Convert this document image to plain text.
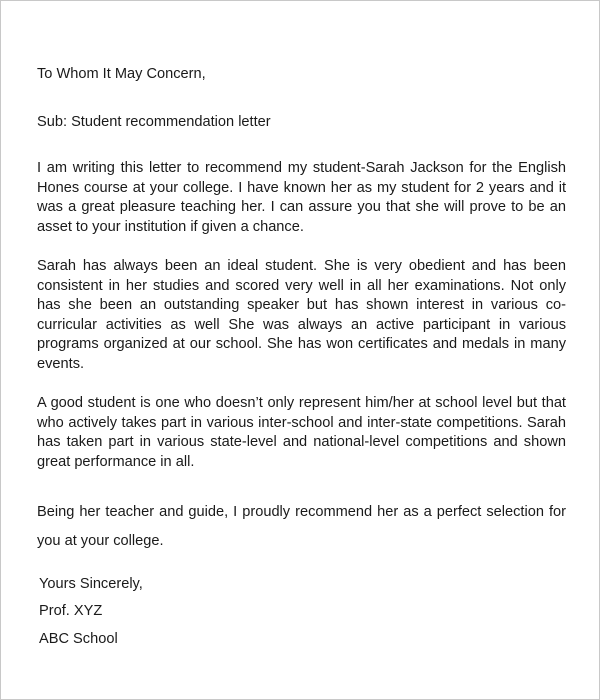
To Whom It May Concern,

Sub: Student recommendation letter

I am writing this letter to recommend my student-Sarah Jackson for the English Hones course at your college. I have known her as my student for 2 years and it was a great pleasure teaching her. I can assure you that she will prove to be an asset to your institution if given a chance.

Sarah has always been an ideal student. She is very obedient and has been consistent in her studies and scored very well in all her examinations. Not only has she been an outstanding speaker but has shown interest in various co-curricular activities as well She was always an active participant in various programs organized at our school. She has won certificates and medals in many events.

A good student is one who doesn’t only represent him/her at school level but that who actively takes part in various inter-school and inter-state competitions. Sarah has taken part in various state-level and national-level competitions and shown great performance in all.

Being her teacher and guide, I proudly recommend her as a perfect selection for you at your college.

Yours Sincerely,

Prof. XYZ

ABC School
